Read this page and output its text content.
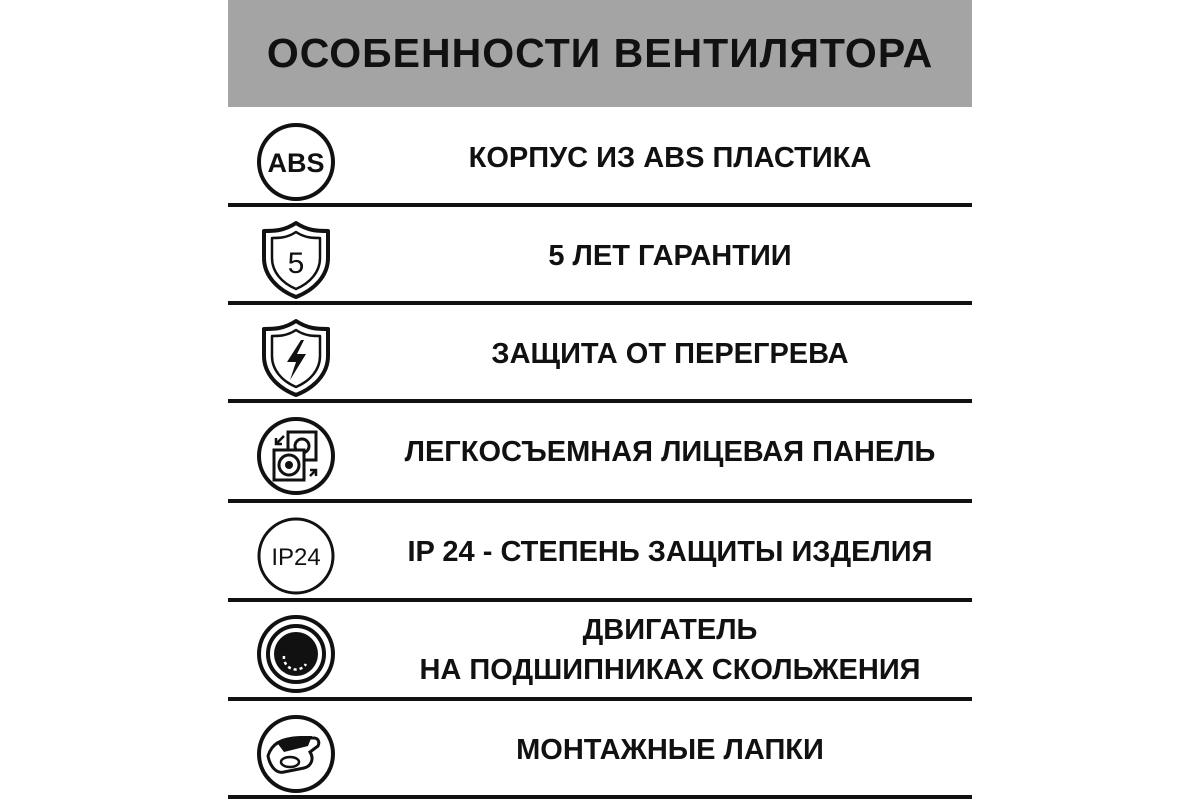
ОСОБЕННОСТИ ВЕНТИЛЯТОРА
ABS	КОРПУС ИЗ ABS ПЛАСТИКА
5	5 ЛЕТ ГАРАНТИИ
ЗАЩИТА ОТ ПЕРЕГРЕВА
ЛЕГКОСЪЕМНАЯ ЛИЦЕВАЯ ПАНЕЛЬ
IP24	IP 24 - СТЕПЕНЬ ЗАЩИТЫ ИЗДЕЛИЯ
ДВИГАТЕЛЬ
НА ПОДШИПНИКАХ СКОЛЬЖЕНИЯ
МОНТАЖНЫЕ ЛАПКИ
